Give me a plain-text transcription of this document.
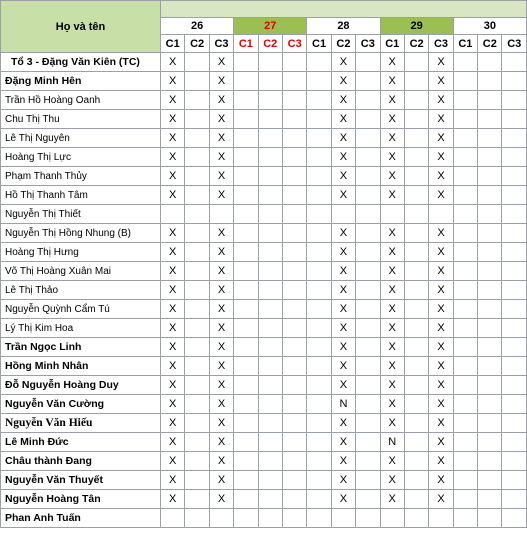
Họ và tên															
	26			27			28			29			30		
	C1	C2	C3	C1	C2	C3	C1	C2	C3	C1	C2	C3	C1	C2	C3
Tổ 3 - Đặng Văn Kiên (TC)	X		X					X		X		X			
Đặng Minh Hên	X		X					X		X		X			
Trần Hồ Hoàng Oanh	X		X					X		X		X			
Chu Thị Thu	X		X					X		X		X			
Lê Thị Nguyên	X		X					X		X		X			
Hoàng Thị Lực	X		X					X		X		X			
Phạm Thanh Thủy	X		X					X		X		X			
Hồ Thị Thanh Tâm	X		X					X		X		X			
Nguyễn Thị Thiết															
Nguyễn Thị Hồng Nhung (B)	X		X					X		X		X			
Hoàng Thị Hưng	X		X					X		X		X			
Võ Thị Hoàng Xuân Mai	X		X					X		X		X			
Lê Thị Thảo	X		X					X		X		X			
Nguyễn Quỳnh Cẩm Tú	X		X					X		X		X			
Lý Thị Kim Hoa	X		X					X		X		X			
Trần Ngọc Linh	X		X					X		X		X			
Hồng Minh Nhân	X		X					X		X		X			
Đỗ Nguyễn Hoàng Duy	X		X					X		X		X			
Nguyễn Văn Cường	X		X					N		X		X			
Nguyễn Văn Hiếu	X		X					X		X		X			
Lê Minh Đức	X		X					X		N		X			
Châu thành Đang	X		X					X		X		X			
Nguyễn Văn Thuyết	X		X					X		X		X			
Nguyễn Hoàng Tân	X		X					X		X		X			
Phan Anh Tuấn															
